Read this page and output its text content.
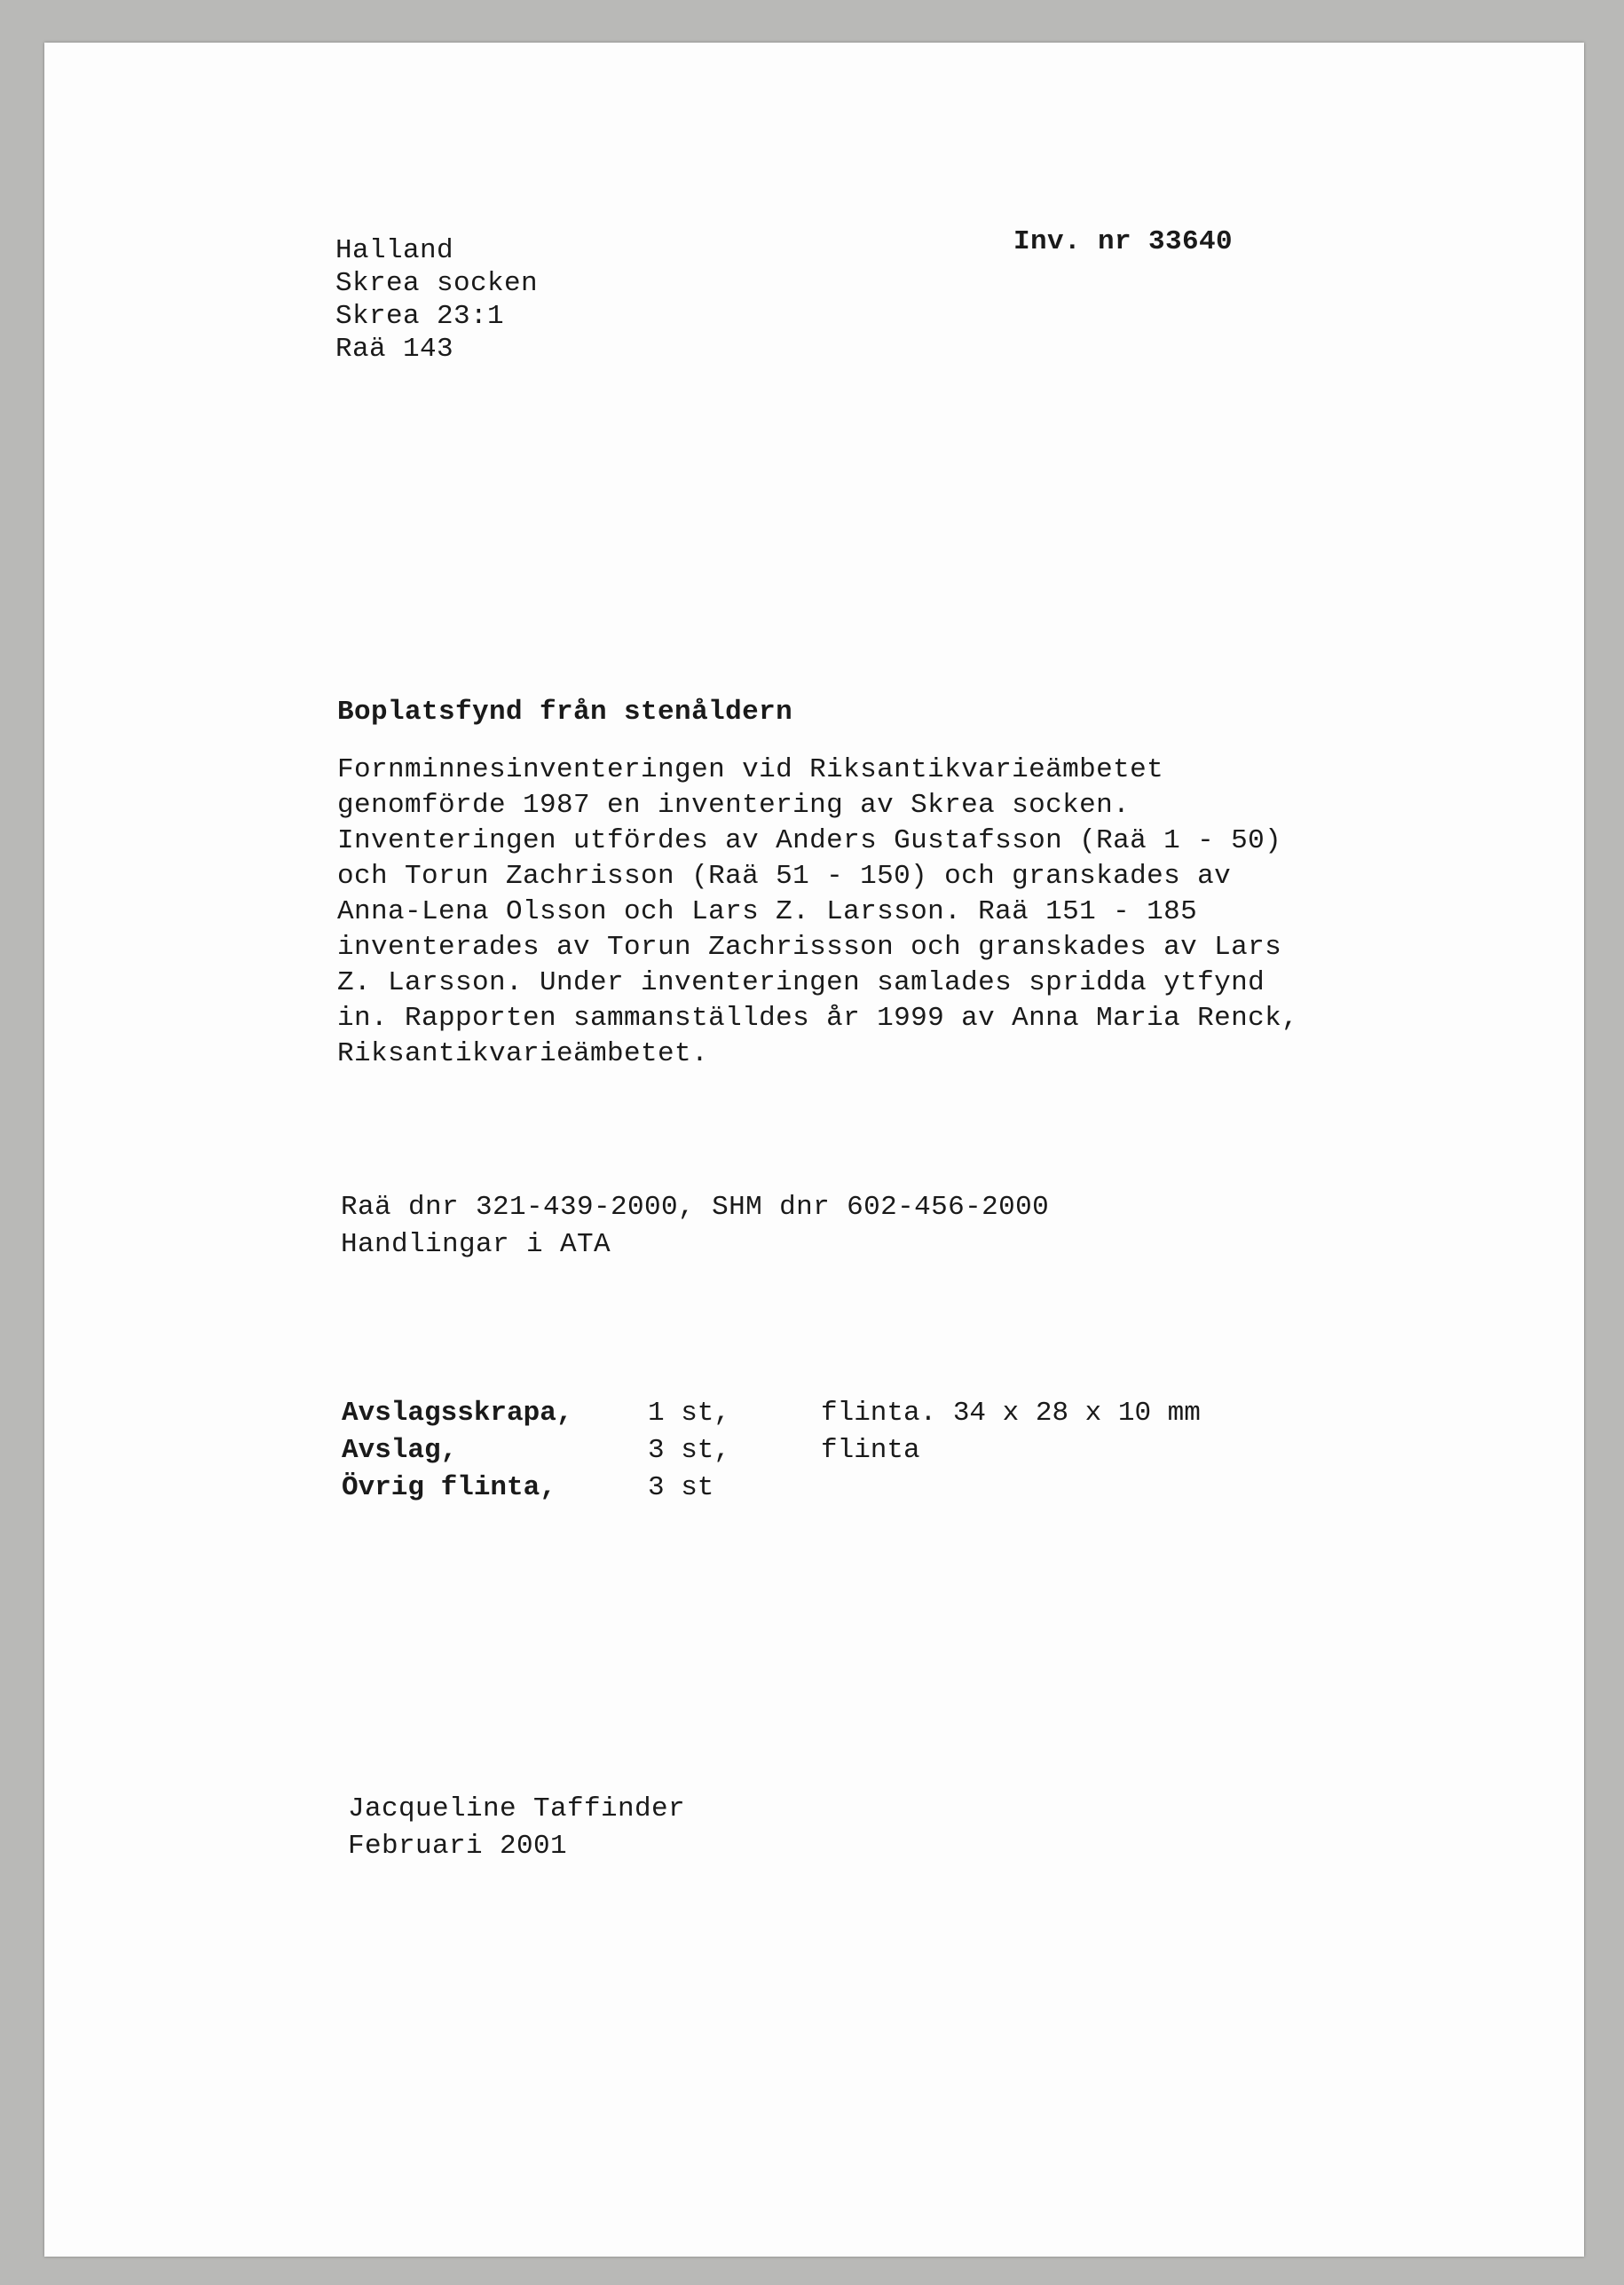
Halland
Skrea socken
Skrea 23:1
Raä 143
Inv. nr 33640
Boplatsfynd från stenåldern
Fornminnesinventeringen vid Riksantikvarieämbetet
genomförde 1987 en inventering av Skrea socken.
Inventeringen utfördes av Anders Gustafsson (Raä 1 - 50)
och Torun Zachrisson (Raä 51 - 150) och granskades av
Anna-Lena Olsson och Lars Z. Larsson. Raä 151 - 185
inventerades av Torun Zachrissson och granskades av Lars
Z. Larsson. Under inventeringen samlades spridda ytfynd
in. Rapporten sammanställdes år 1999 av Anna Maria Renck,
Riksantikvarieämbetet.
Raä dnr 321-439-2000, SHM dnr 602-456-2000
Handlingar i ATA
Avslagsskrapa,	1 st,	flinta. 34 x 28 x 10 mm
Avslag,	3 st,	flinta
Övrig flinta,	3 st
Jacqueline Taffinder
Februari 2001
